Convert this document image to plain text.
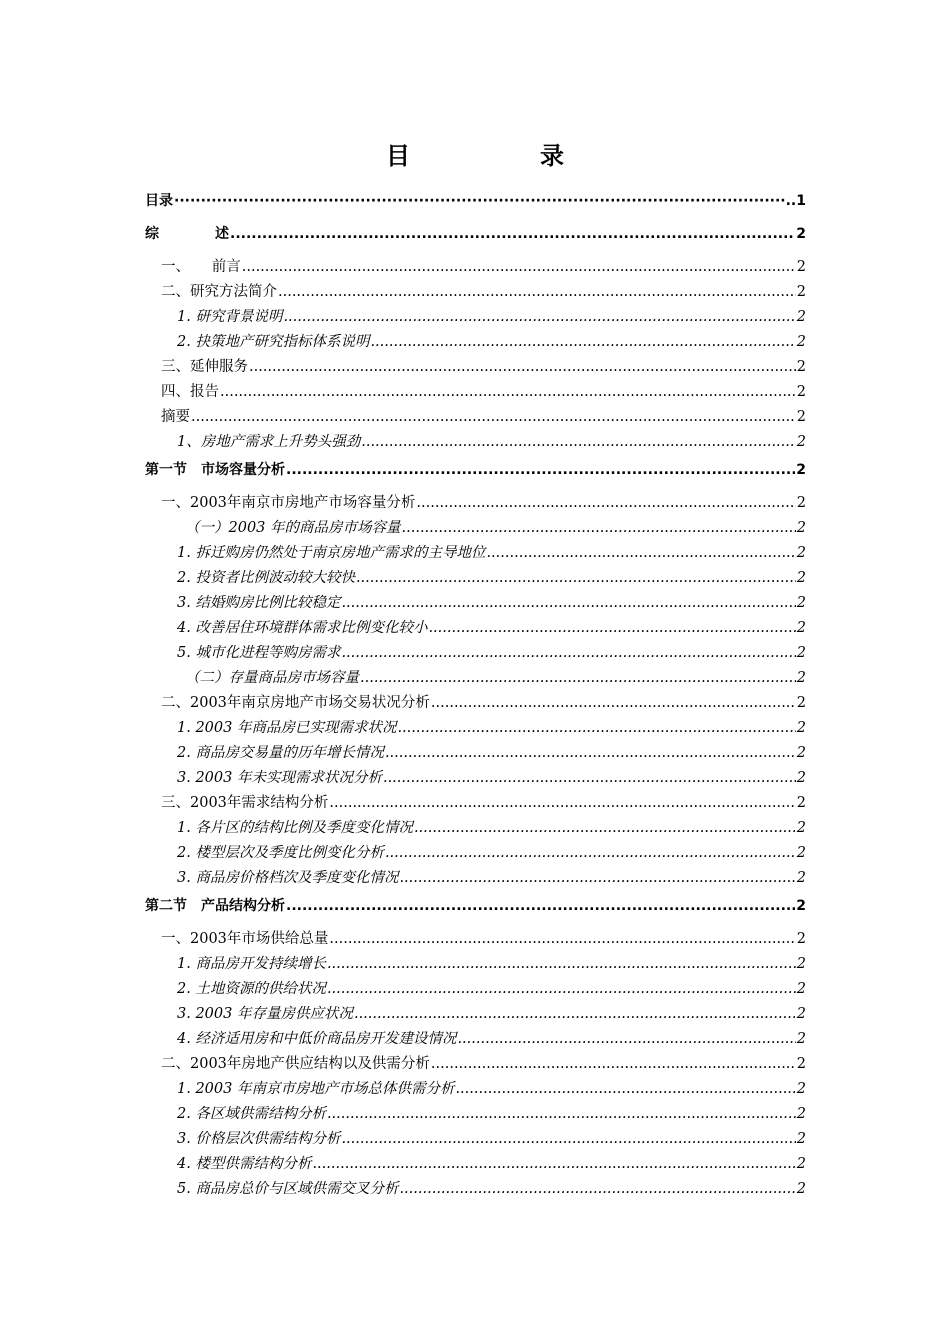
目	录
目录 ·····	..1
综　　　　述 .....	2
一、　　前言 .....	2
二、研究方法简介 .....	2
1. 研究背景说明 .....	2
2. 抉策地产研究指标体系说明 .....	2
三、延伸服务 .....	2
四、报告 .....	2
摘要 .....	2
1、房地产需求上升势头强劲 .....	2
第一节　市场容量分析 .....	2
一、2003年南京市房地产市场容量分析 .....	2
（一）2003 年的商品房市场容量 .....	2
1. 拆迁购房仍然处于南京房地产需求的主导地位 .....	2
2. 投资者比例波动较大较快 .....	2
3. 结婚购房比例比较稳定 .....	2
4. 改善居住环境群体需求比例变化较小 .....	2
5. 城市化进程等购房需求 .....	2
（二）存量商品房市场容量 .....	2
二、2003年南京房地产市场交易状况分析 .....	2
1. 2003 年商品房已实现需求状况 .....	2
2. 商品房交易量的历年增长情况 .....	2
3. 2003 年未实现需求状况分析 .....	2
三、2003年需求结构分析 .....	2
1. 各片区的结构比例及季度变化情况 .....	2
2. 楼型层次及季度比例变化分析 .....	2
3. 商品房价格档次及季度变化情况 .....	2
第二节　产品结构分析 .....	2
一、2003年市场供给总量 .....	2
1. 商品房开发持续增长 .....	2
2. 土地资源的供给状况 .....	2
3. 2003 年存量房供应状况 .....	2
4. 经济适用房和中低价商品房开发建设情况 .....	2
二、2003年房地产供应结构以及供需分析 .....	2
1. 2003 年南京市房地产市场总体供需分析 .....	2
2. 各区域供需结构分析 .....	2
3. 价格层次供需结构分析 .....	2
4. 楼型供需结构分析 .....	2
5. 商品房总价与区域供需交叉分析 .....	2
